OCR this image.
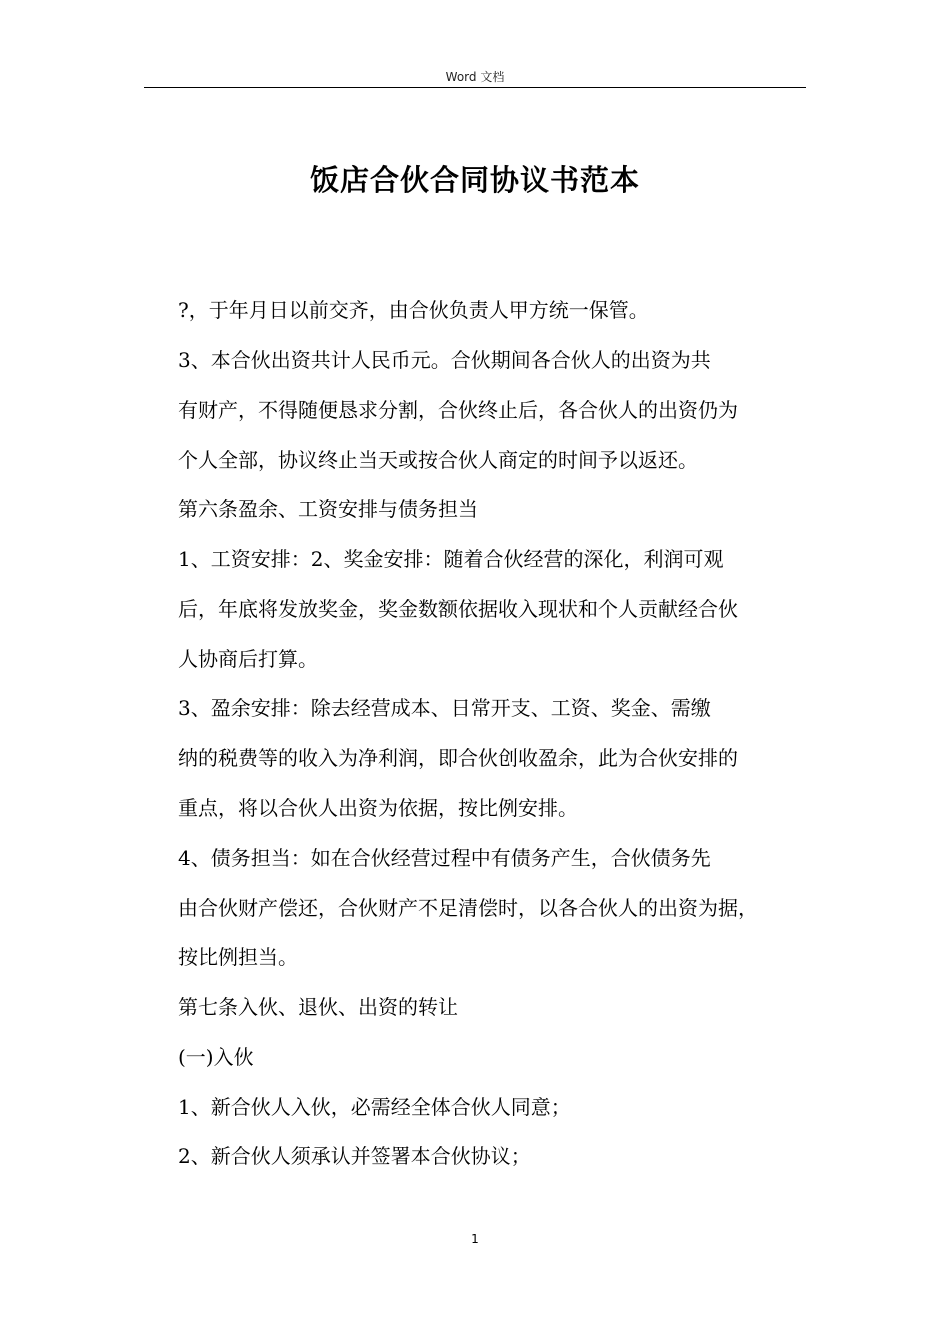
Word 文档
饭店合伙合同协议书范本
?，于年月日以前交齐，由合伙负责人甲方统一保管。
3、本合伙出资共计人民币元。合伙期间各合伙人的出资为共
有财产，不得随便恳求分割，合伙终止后，各合伙人的出资仍为
个人全部，协议终止当天或按合伙人商定的时间予以返还。
第六条盈余、工资安排与债务担当
1、工资安排：2、奖金安排：随着合伙经营的深化，利润可观
后，年底将发放奖金，奖金数额依据收入现状和个人贡献经合伙
人协商后打算。
3、盈余安排：除去经营成本、日常开支、工资、奖金、需缴
纳的税费等的收入为净利润，即合伙创收盈余，此为合伙安排的
重点，将以合伙人出资为依据，按比例安排。
4、债务担当：如在合伙经营过程中有债务产生，合伙债务先
由合伙财产偿还，合伙财产不足清偿时，以各合伙人的出资为据，
按比例担当。
第七条入伙、退伙、出资的转让
(一)入伙
1、新合伙人入伙，必需经全体合伙人同意；
2、新合伙人须承认并签署本合伙协议；
1
